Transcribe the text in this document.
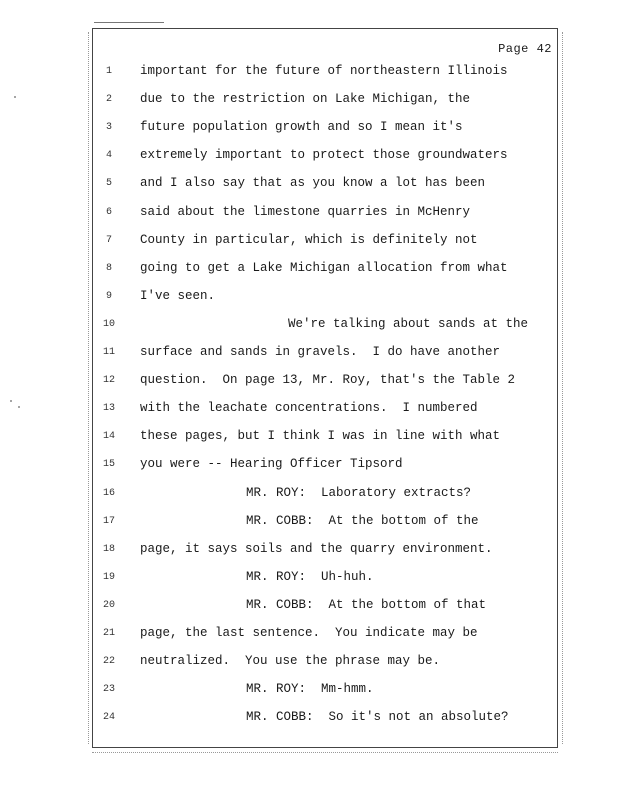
Page 42
1	important for the future of northeastern Illinois
2	due to the restriction on Lake Michigan, the
3	future population growth and so I mean it's
4	extremely important to protect those groundwaters
5	and I also say that as you know a lot has been
6	said about the limestone quarries in McHenry
7	County in particular, which is definitely not
8	going to get a Lake Michigan allocation from what
9	I've seen.
10	We're talking about sands at the
11 surface and sands in gravels.  I do have another
12 question.  On page 13, Mr. Roy, that's the Table 2
13 with the leachate concentrations.  I numbered
14 these pages, but I think I was in line with what
15 you were -- Hearing Officer Tipsord
16	MR. ROY:  Laboratory extracts?
17	MR. COBB:  At the bottom of the
18 page, it says soils and the quarry environment.
19	MR. ROY:  Uh-huh.
20	MR. COBB:  At the bottom of that
21 page, the last sentence.  You indicate may be
22 neutralized.  You use the phrase may be.
23	MR. ROY:  Mm-hmm.
24	MR. COBB:  So it's not an absolute?
